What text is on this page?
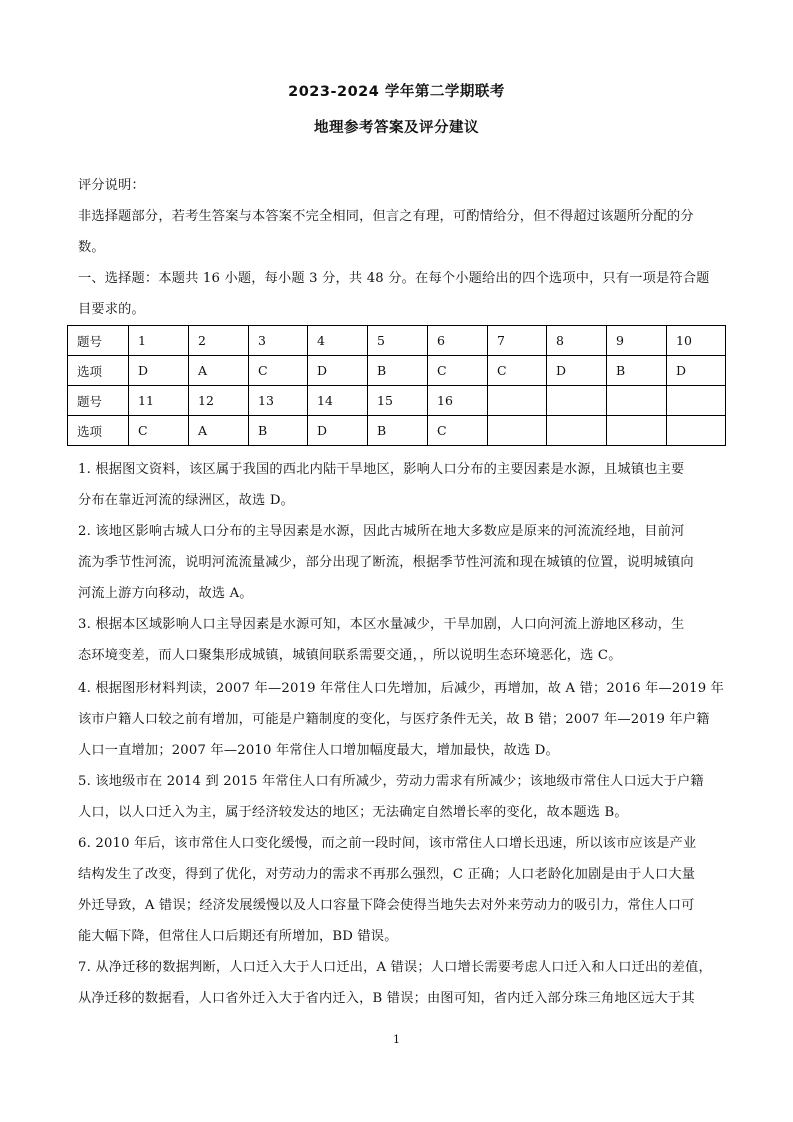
2023-2024 学年第二学期联考
地理参考答案及评分建议
评分说明：
非选择题部分，若考生答案与本答案不完全相同，但言之有理，可酌情给分，但不得超过该题所分配的分
数。
一、选择题：本题共 16 小题，每小题 3 分，共 48 分。在每个小题给出的四个选项中，只有一项是符合题
目要求的。
题号	1	2	3	4	5	6	7	8	9	10
选项	D	A	C	D	B	C	C	D	B	D
题号	11	12	13	14	15	16				
选项	C	A	B	D	B	C				
1. 根据图文资料，该区属于我国的西北内陆干旱地区，影响人口分布的主要因素是水源，且城镇也主要
分布在靠近河流的绿洲区，故选 D。
2. 该地区影响古城人口分布的主导因素是水源，因此古城所在地大多数应是原来的河流流经地，目前河
流为季节性河流，说明河流流量减少，部分出现了断流，根据季节性河流和现在城镇的位置，说明城镇向
河流上游方向移动，故选 A。
3. 根据本区域影响人口主导因素是水源可知，本区水量减少，干旱加剧，人口向河流上游地区移动，生
态环境变差，而人口聚集形成城镇，城镇间联系需要交通，，所以说明生态环境恶化，选 C。
4. 根据图形材料判读，2007 年—2019 年常住人口先增加，后减少，再增加，故 A 错；2016 年—2019 年
该市户籍人口较之前有增加，可能是户籍制度的变化，与医疗条件无关，故 B 错；2007 年—2019 年户籍
人口一直增加；2007 年—2010 年常住人口增加幅度最大，增加最快，故选 D。
5. 该地级市在 2014 到 2015 年常住人口有所减少，劳动力需求有所减少；该地级市常住人口远大于户籍
人口，以人口迁入为主，属于经济较发达的地区；无法确定自然增长率的变化，故本题选 B。
6. 2010 年后，该市常住人口变化缓慢，而之前一段时间，该市常住人口增长迅速，所以该市应该是产业
结构发生了改变，得到了优化，对劳动力的需求不再那么强烈，C 正确；人口老龄化加剧是由于人口大量
外迁导致，A 错误；经济发展缓慢以及人口容量下降会使得当地失去对外来劳动力的吸引力，常住人口可
能大幅下降，但常住人口后期还有所增加，BD 错误。
7. 从净迁移的数据判断，人口迁入大于人口迁出，A 错误；人口增长需要考虑人口迁入和人口迁出的差值，
从净迁移的数据看，人口省外迁入大于省内迁入，B 错误；由图可知，省内迁入部分珠三角地区远大于其
1
